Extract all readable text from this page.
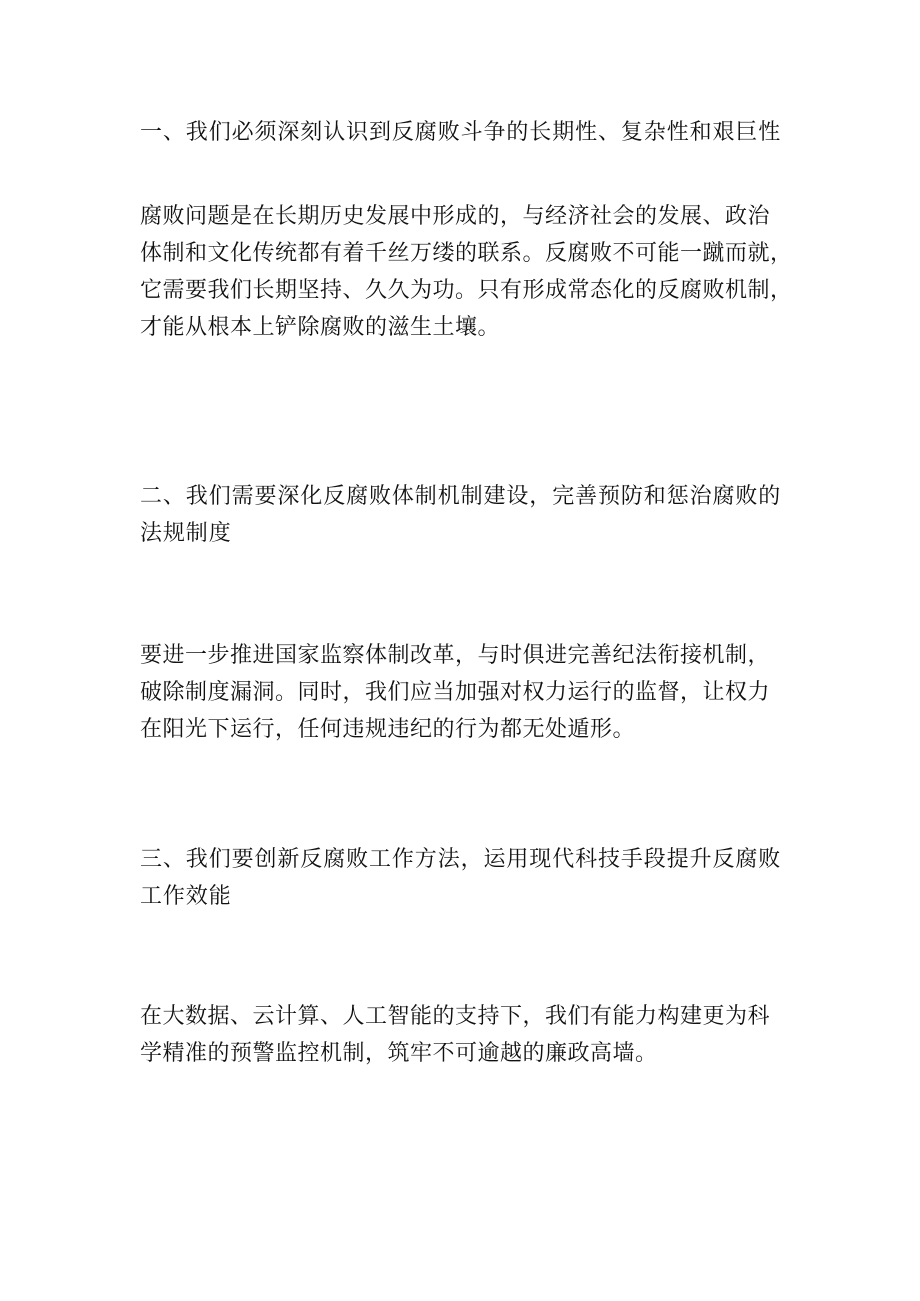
一、我们必须深刻认识到反腐败斗争的长期性、复杂性和艰巨性
腐败问题是在长期历史发展中形成的，与经济社会的发展、政治
体制和文化传统都有着千丝万缕的联系。反腐败不可能一蹴而就，
它需要我们长期坚持、久久为功。只有形成常态化的反腐败机制，
才能从根本上铲除腐败的滋生土壤。
二、我们需要深化反腐败体制机制建设，完善预防和惩治腐败的
法规制度
要进一步推进国家监察体制改革，与时俱进完善纪法衔接机制，
破除制度漏洞。同时，我们应当加强对权力运行的监督，让权力
在阳光下运行，任何违规违纪的行为都无处遁形。
三、我们要创新反腐败工作方法，运用现代科技手段提升反腐败
工作效能
在大数据、云计算、人工智能的支持下，我们有能力构建更为科
学精准的预警监控机制，筑牢不可逾越的廉政高墙。
